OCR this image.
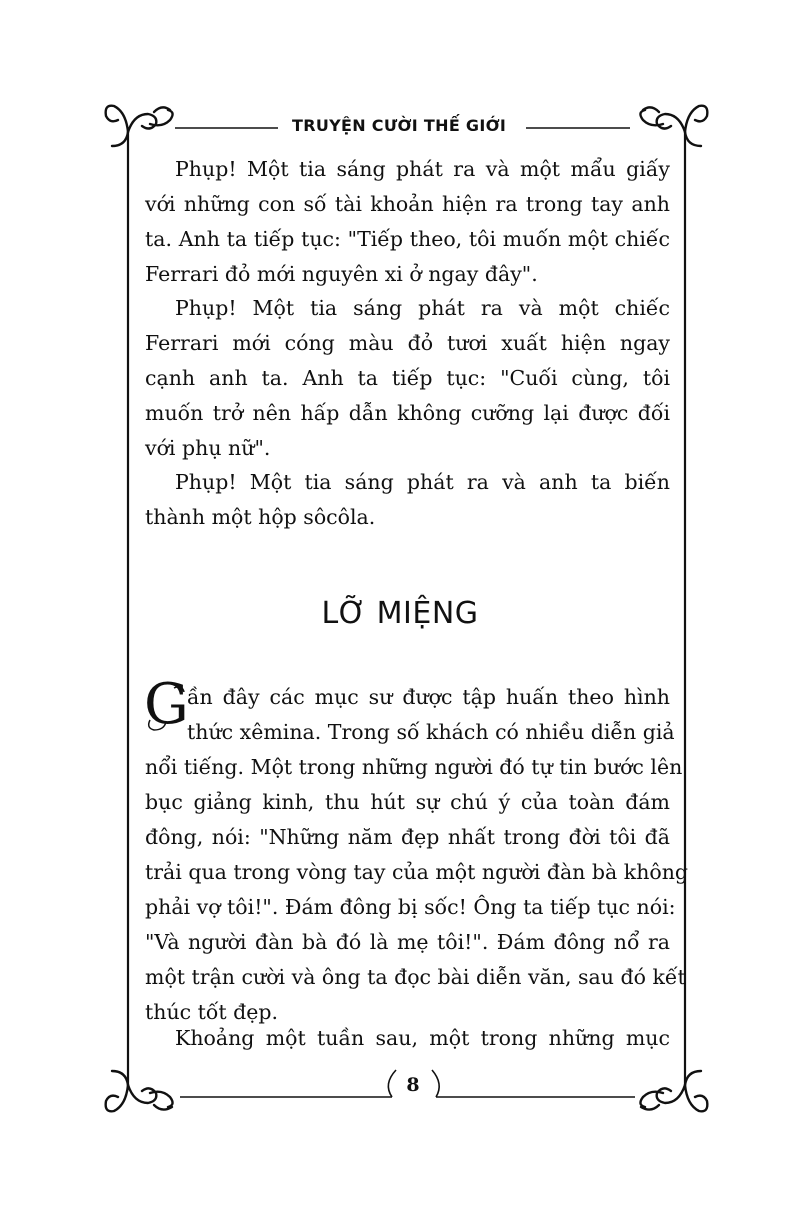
TRUYỆN CƯỜI THẾ GIỚI
Phụp! Một tia sáng phát ra và một mẩu giấy
với những con số tài khoản hiện ra trong tay anh
ta. Anh ta tiếp tục: "Tiếp theo, tôi muốn một chiếc
Ferrari đỏ mới nguyên xi ở ngay đây".
Phụp! Một tia sáng phát ra và một chiếc
Ferrari mới cóng màu đỏ tươi xuất hiện ngay
cạnh anh ta. Anh ta tiếp tục: "Cuối cùng, tôi
muốn trở nên hấp dẫn không cưỡng lại được đối
với phụ nữ".
Phụp! Một tia sáng phát ra và anh ta biến
thành một hộp sôcôla.
LỠ MIỆNG
G
ần đây các mục sư được tập huấn theo hình
thức xêmina. Trong số khách có nhiều diễn giả
nổi tiếng. Một trong những người đó tự tin bước lên
bục giảng kinh, thu hút sự chú ý của toàn đám
đông, nói: "Những năm đẹp nhất trong đời tôi đã
trải qua trong vòng tay của một người đàn bà không
phải vợ tôi!". Đám đông bị sốc! Ông ta tiếp tục nói:
"Và người đàn bà đó là mẹ tôi!". Đám đông nổ ra
một trận cười và ông ta đọc bài diễn văn, sau đó kết
thúc tốt đẹp.
Khoảng một tuần sau, một trong những mục
8
